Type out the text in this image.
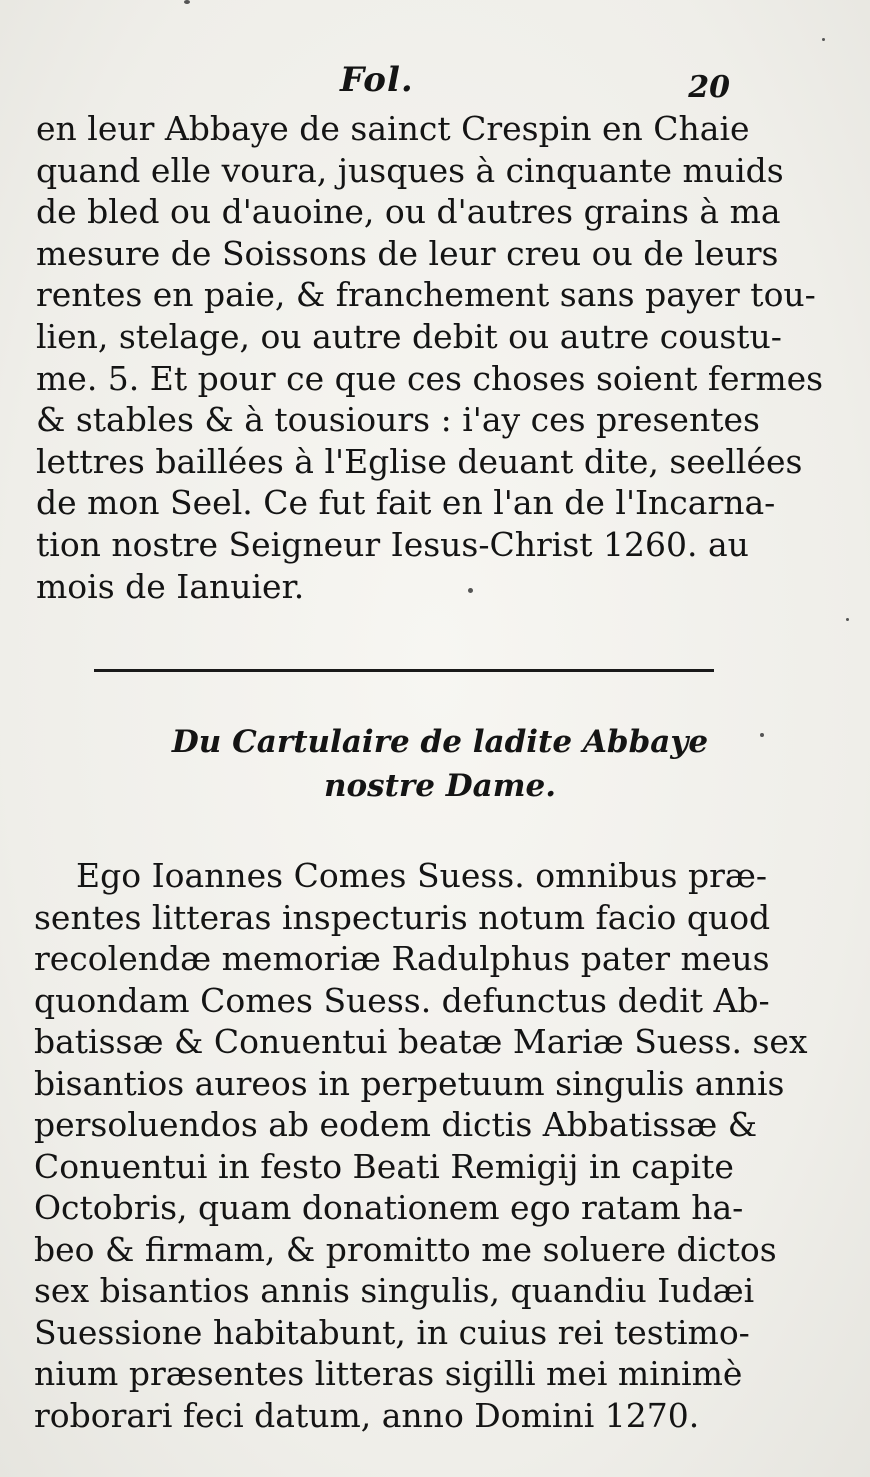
Fol.	20
en leur Abbaye de sainct Crespin en Chaie
quand elle voura, jusques à cinquante muids
de bled ou d'auoine, ou d'autres grains à ma
mesure de Soissons de leur creu ou de leurs
rentes en paie, & franchement sans payer tou-
lien, stelage, ou autre debit ou autre coustu-
me. 5. Et pour ce que ces choses soient fermes
& stables & à tousiours : i'ay ces presentes
lettres baillées à l'Eglise deuant dite, seellées
de mon Seel. Ce fut fait en l'an de l'Incarna-
tion nostre Seigneur Iesus-Christ 1260. au
mois de Ianuier.
Du Cartulaire de ladite Abbaye
nostre Dame.
Ego Ioannes Comes Suess. omnibus præ-
sentes litteras inspecturis notum facio quod
recolendæ memoriæ Radulphus pater meus
quondam Comes Suess. defunctus dedit Ab-
batissæ & Conuentui beatæ Mariæ Suess. sex
bisantios aureos in perpetuum singulis annis
persoluendos ab eodem dictis Abbatissæ &
Conuentui in festo Beati Remigij in capite
Octobris, quam donationem ego ratam ha-
beo & firmam, & promitto me soluere dictos
sex bisantios annis singulis, quandiu Iudæi
Suessione habitabunt, in cuius rei testimo-
nium præsentes litteras sigilli mei minimè
roborari feci datum, anno Domini 1270.
